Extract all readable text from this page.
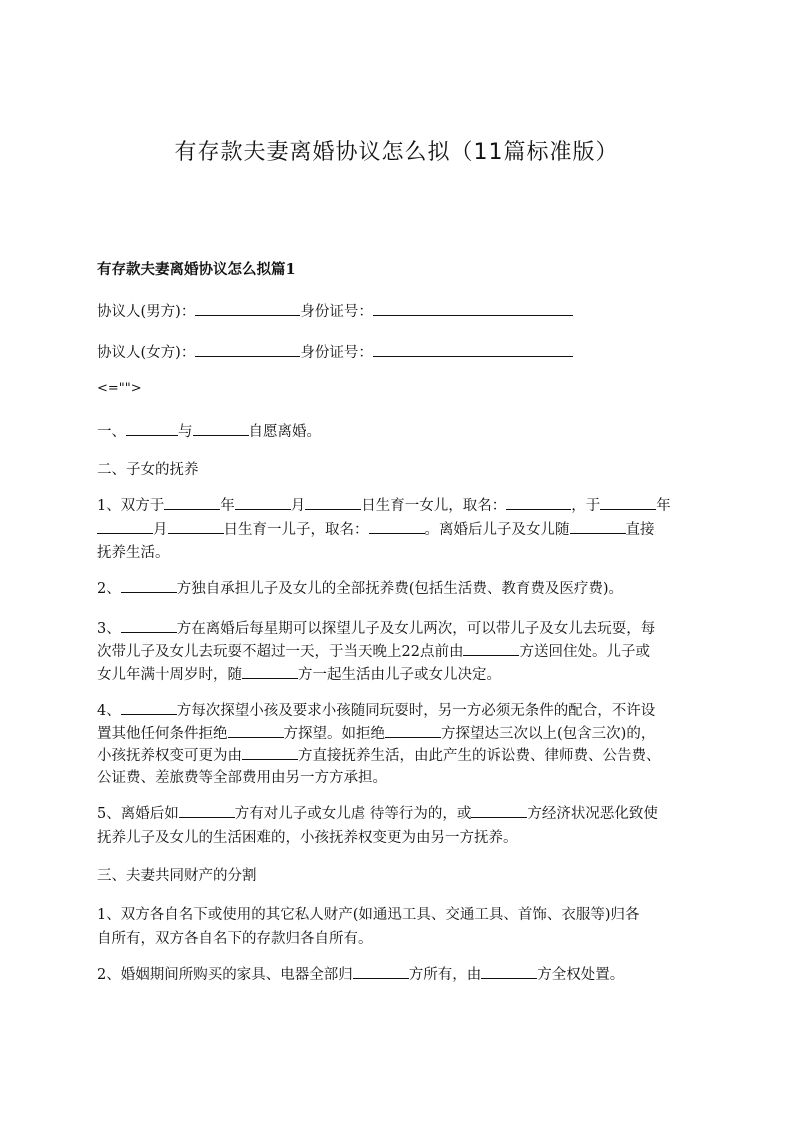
有存款夫妻离婚协议怎么拟（11篇标准版）
有存款夫妻离婚协议怎么拟篇1
协议人(男方)：	身份证号：
协议人(女方)：	身份证号：
<="">
一、	与	自愿离婚。
二、子女的抚养
1、双方于	年	月	日生育一女儿，取名：	，于	年
月	日生育一儿子，取名：	。离婚后儿子及女儿随	直接
抚养生活。
2、	方独自承担儿子及女儿的全部抚养费(包括生活费、教育费及医疗费)。
3、	方在离婚后每星期可以探望儿子及女儿两次，可以带儿子及女儿去玩耍，每
次带儿子及女儿去玩耍不超过一天，于当天晚上22点前由	方送回住处。儿子或
女儿年满十周岁时，随	方一起生活由儿子或女儿决定。
4、	方每次探望小孩及要求小孩随同玩耍时，另一方必须无条件的配合，不许设
置其他任何条件拒绝	方探望。如拒绝	方探望达三次以上(包含三次)的，
小孩抚养权变可更为由	方直接抚养生活，由此产生的诉讼费、律师费、公告费、
公证费、差旅费等全部费用由另一方方承担。
5、离婚后如	方有对儿子或女儿虐 待等行为的，或	方经济状况恶化致使
抚养儿子及女儿的生活困难的，小孩抚养权变更为由另一方抚养。
三、夫妻共同财产的分割
1、双方各自名下或使用的其它私人财产(如通迅工具、交通工具、首饰、衣服等)归各
自所有，双方各自名下的存款归各自所有。
2、婚姻期间所购买的家具、电器全部归	方所有，由	方全权处置。
